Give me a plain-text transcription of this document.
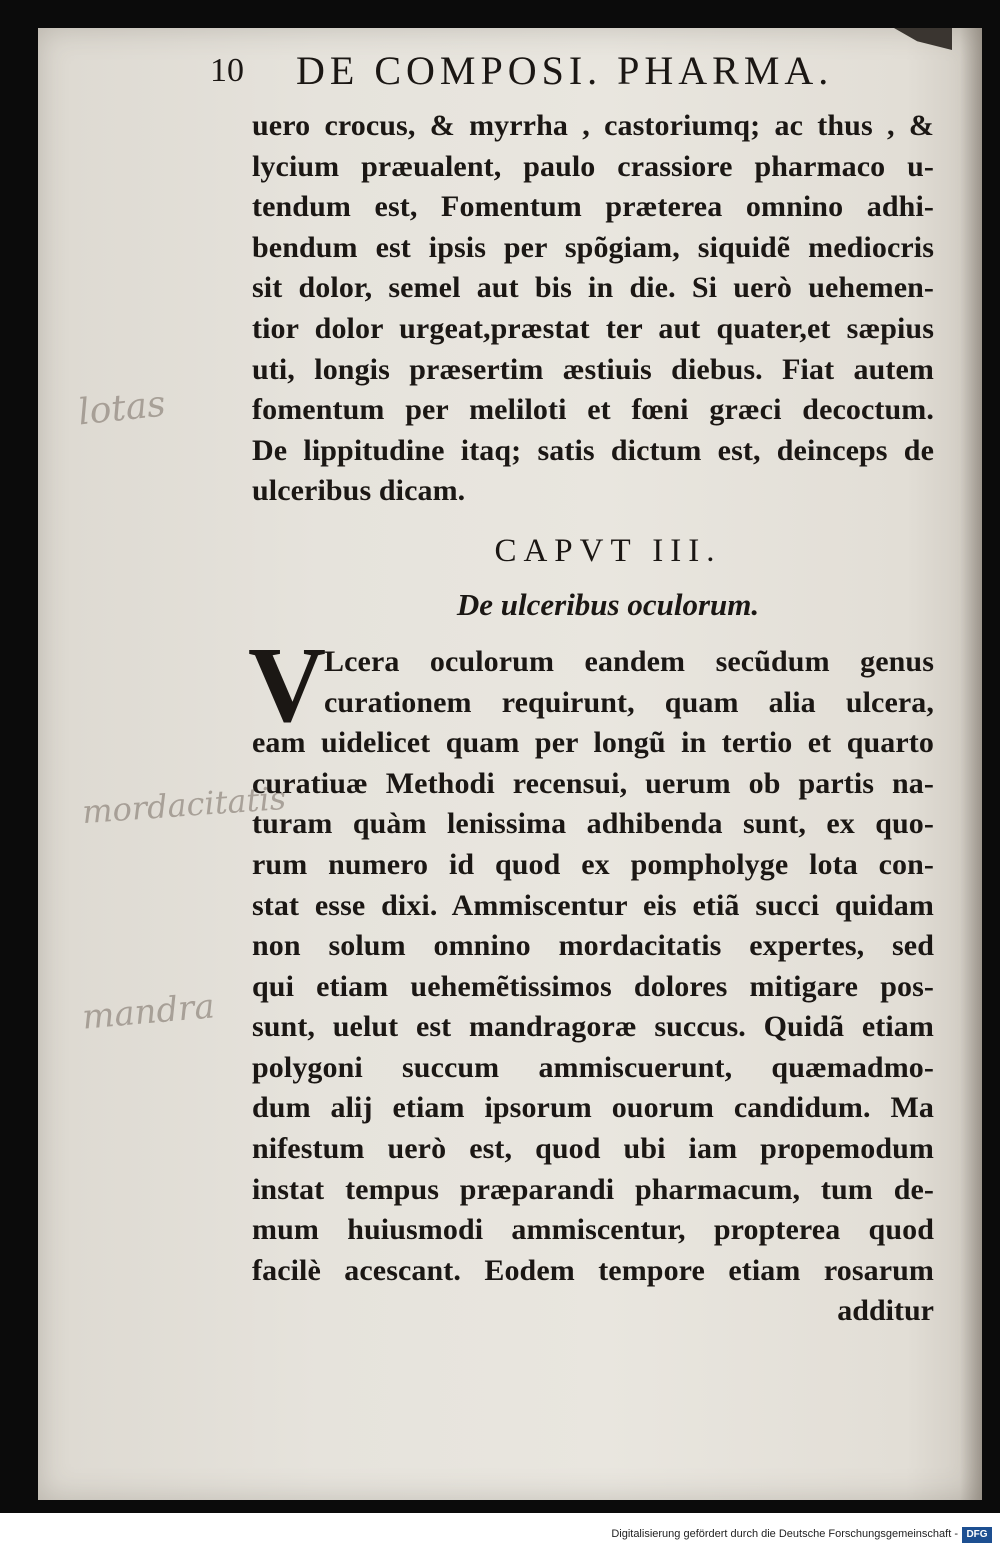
lotas
mordacitatis
mandra
10 DE COMPOSI. PHARMA.
uero crocus, & myrrha , castoriumq; ac thus , &
lycium præualent, paulo crassiore pharmaco u-
tendum est, Fomentum præterea omnino adhi-
bendum est ipsis per spõgiam, siquidẽ mediocris
sit dolor, semel aut bis in die. Si uerò uehemen-
tior dolor urgeat,præstat ter aut quater,et sæpius
uti, longis præsertim æstiuis diebus. Fiat autem
fomentum per meliloti et fœni græci decoctum.
De lippitudine itaq; satis dictum est, deinceps de
ulceribus dicam.
CAPVT III.
De ulceribus oculorum.
V
Lcera oculorum eandem secũdum genus
curationem requirunt, quam alia ulcera,
eam uidelicet quam per longũ in tertio et quarto
curatiuæ Methodi recensui, uerum ob partis na-
turam quàm lenissima adhibenda sunt, ex quo-
rum numero id quod ex pompholyge lota con-
stat esse dixi. Ammiscentur eis etiã succi quidam
non solum omnino mordacitatis expertes, sed
qui etiam uehemẽtissimos dolores mitigare pos-
sunt, uelut est mandragoræ succus. Quidã etiam
polygoni succum ammiscuerunt, quæmadmo-
dum alij etiam ipsorum ouorum candidum. Ma
nifestum uerò est, quod ubi iam propemodum
instat tempus præparandi pharmacum, tum de-
mum huiusmodi ammiscentur, propterea quod
facilè acescant. Eodem tempore etiam rosarum
additur
Digitalisierung gefördert durch die Deutsche Forschungsgemeinschaft - DFG
